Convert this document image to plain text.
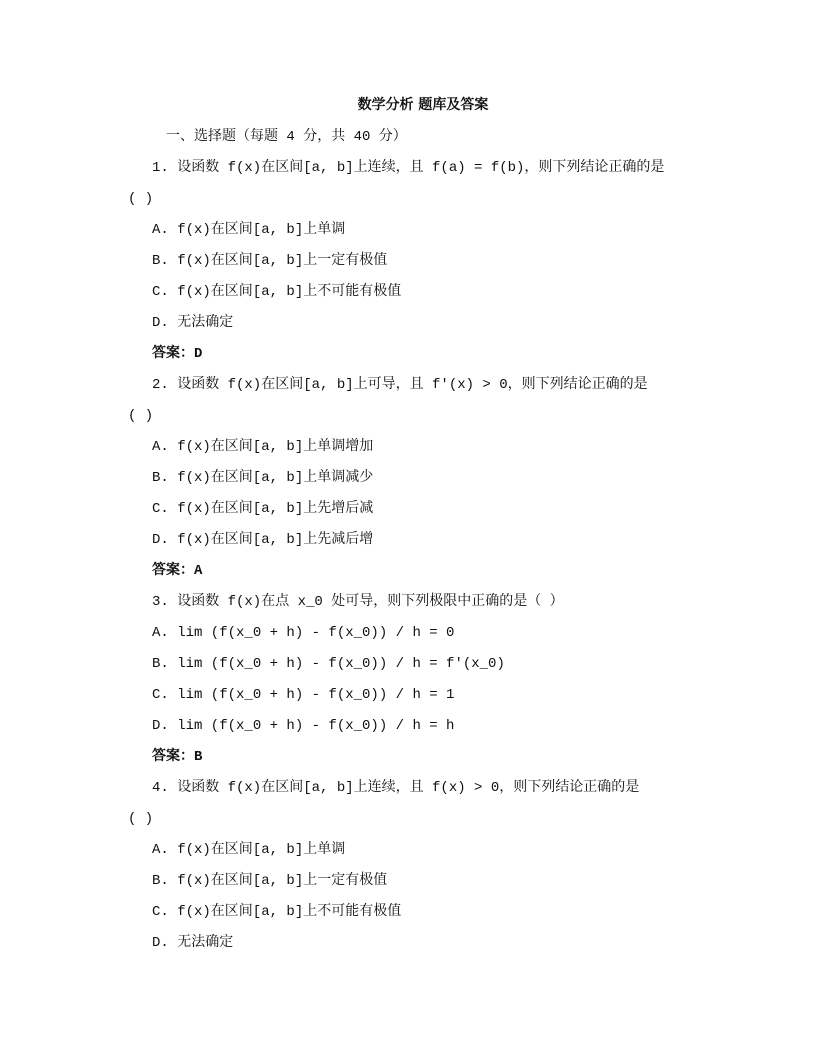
数学分析 题库及答案
一、选择题（每题 4 分，共 40 分）
1. 设函数 f(x)在区间[a, b]上连续，且 f(a) = f(b)，则下列结论正确的是
( )
A. f(x)在区间[a, b]上单调
B. f(x)在区间[a, b]上一定有极值
C. f(x)在区间[a, b]上不可能有极值
D. 无法确定
答案：D
2. 设函数 f(x)在区间[a, b]上可导，且 f'(x) > 0，则下列结论正确的是
( )
A. f(x)在区间[a, b]上单调增加
B. f(x)在区间[a, b]上单调减少
C. f(x)在区间[a, b]上先增后减
D. f(x)在区间[a, b]上先减后增
答案：A
3. 设函数 f(x)在点 x_0 处可导，则下列极限中正确的是（ ）
A. lim (f(x_0 + h) - f(x_0)) / h = 0
B. lim (f(x_0 + h) - f(x_0)) / h = f'(x_0)
C. lim (f(x_0 + h) - f(x_0)) / h = 1
D. lim (f(x_0 + h) - f(x_0)) / h = h
答案：B
4. 设函数 f(x)在区间[a, b]上连续，且 f(x) > 0，则下列结论正确的是
( )
A. f(x)在区间[a, b]上单调
B. f(x)在区间[a, b]上一定有极值
C. f(x)在区间[a, b]上不可能有极值
D. 无法确定
